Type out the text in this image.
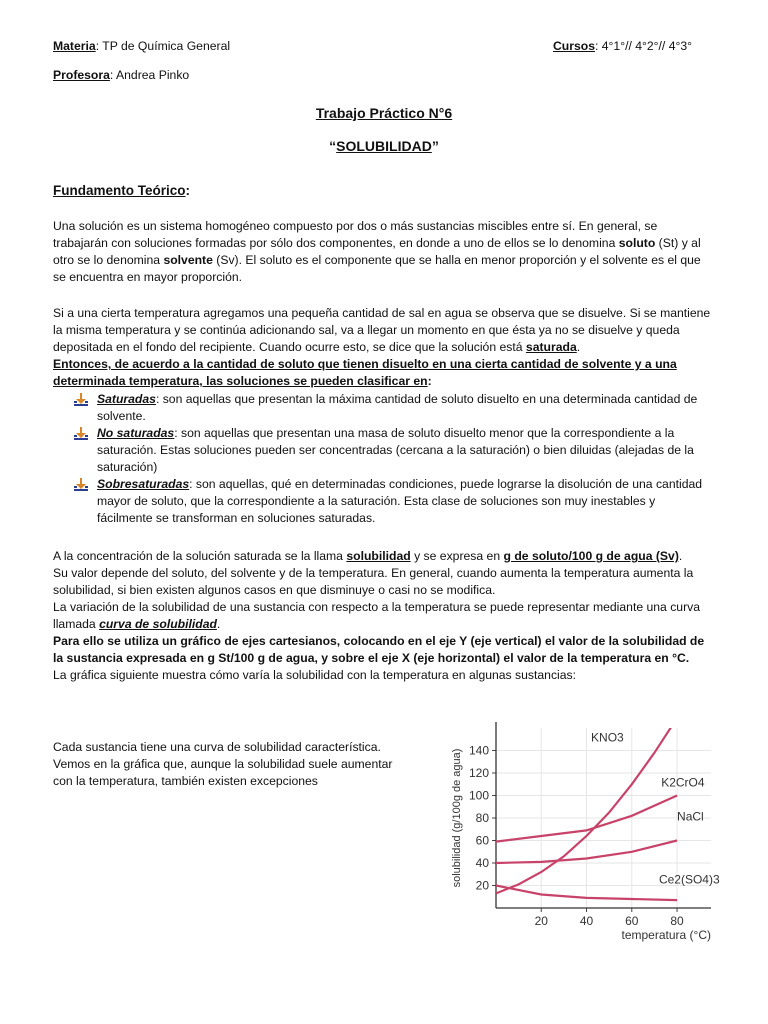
Materia: TP de Química General	Cursos: 4°1°// 4°2°// 4°3°
Profesora: Andrea Pinko
Trabajo Práctico N°6
“SOLUBILIDAD”
Fundamento Teórico:
Una solución es un sistema homogéneo compuesto por dos o más sustancias miscibles entre sí. En general, se trabajarán con soluciones formadas por sólo dos componentes, en donde a uno de ellos se lo denomina soluto (St) y al otro se lo denomina solvente (Sv). El soluto es el componente que se halla en menor proporción y el solvente es el que se encuentra en mayor proporción.
Si a una cierta temperatura agregamos una pequeña cantidad de sal en agua se observa que se disuelve. Si se mantiene la misma temperatura y se continúa adicionando sal, va a llegar un momento en que ésta ya no se disuelve y queda depositada en el fondo del recipiente. Cuando ocurre esto, se dice que la solución está saturada.
Entonces, de acuerdo a la cantidad de soluto que tienen disuelto en una cierta cantidad de solvente y a una determinada temperatura, las soluciones se pueden clasificar en:
Saturadas: son aquellas que presentan la máxima cantidad de soluto disuelto en una determinada cantidad de solvente.
No saturadas: son aquellas que presentan una masa de soluto disuelto menor que la correspondiente a la saturación. Estas soluciones pueden ser concentradas (cercana a la saturación) o bien diluidas (alejadas de la saturación)
Sobresaturadas: son aquellas, qué en determinadas condiciones, puede lograrse la disolución de una cantidad mayor de soluto, que la correspondiente a la saturación. Esta clase de soluciones son muy inestables y fácilmente se transforman en soluciones saturadas.
A la concentración de la solución saturada se la llama solubilidad y se expresa en g de soluto/100 g de agua (Sv).
Su valor depende del soluto, del solvente y de la temperatura. En general, cuando aumenta la temperatura aumenta la solubilidad, si bien existen algunos casos en que disminuye o casi no se modifica.
La variación de la solubilidad de una sustancia con respecto a la temperatura se puede representar mediante una curva llamada curva de solubilidad.
Para ello se utiliza un gráfico de ejes cartesianos, colocando en el eje Y (eje vertical) el valor de la solubilidad de la sustancia expresada en g St/100 g de agua, y sobre el eje X (eje horizontal) el valor de la temperatura en °C.
La gráfica siguiente muestra cómo varía la solubilidad con la temperatura en algunas sustancias:
Cada sustancia tiene una curva de solubilidad característica.
Vemos en la gráfica que, aunque la solubilidad suele aumentar con la temperatura, también existen excepciones
20
40
60
80
100
120
140
20	40	60	80
temperatura (°C)
solubilidad (g/100g de agua)
KNO3
K2CrO4
NaCl
Ce2(SO4)3
